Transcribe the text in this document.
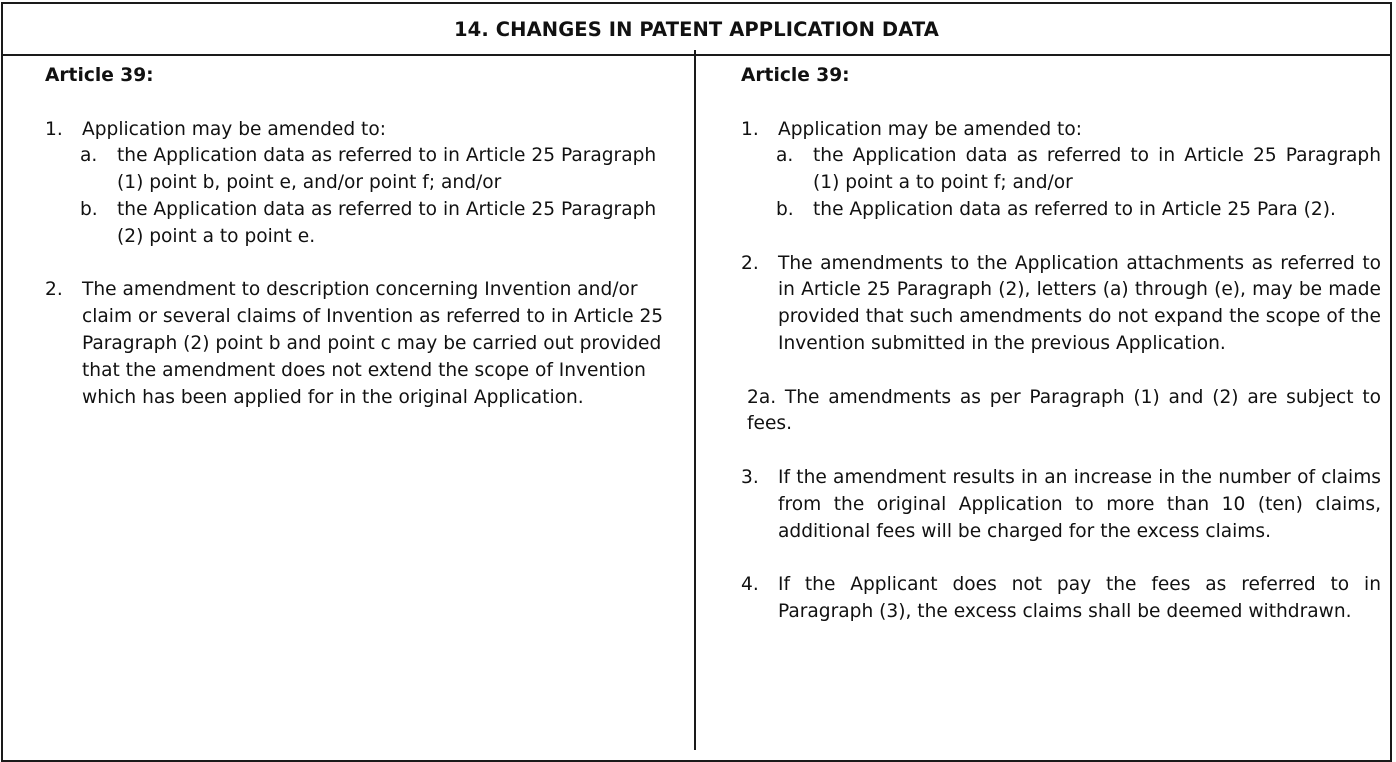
14. CHANGES IN PATENT APPLICATION DATA
Article 39:
1.	Application may be amended to:
a.	the Application data as referred to in Article 25 Paragraph (1) point b, point e, and/or point f; and/or
b.	the Application data as referred to in Article 25 Paragraph (2) point a to point e.
2.	The amendment to description concerning Invention and/or claim or several claims of Invention as referred to in Article 25 Paragraph (2) point b and point c may be carried out provided that the amendment does not extend the scope of Invention which has been applied for in the original Application.
Article 39:
1.	Application may be amended to:
a.	the Application data as referred to in Article 25 Paragraph (1) point a to point f; and/or
b.	the Application data as referred to in Article 25 Para (2).
2.	The amendments to the Application attachments as referred to in Article 25 Paragraph (2), letters (a) through (e), may be made provided that such amendments do not expand the scope of the Invention submitted in the previous Application.
2a. The amendments as per Paragraph (1) and (2) are subject to fees.
3.	If the amendment results in an increase in the number of claims from the original Application to more than 10 (ten) claims, additional fees will be charged for the excess claims.
4.	If the Applicant does not pay the fees as referred to in Paragraph (3), the excess claims shall be deemed withdrawn.
